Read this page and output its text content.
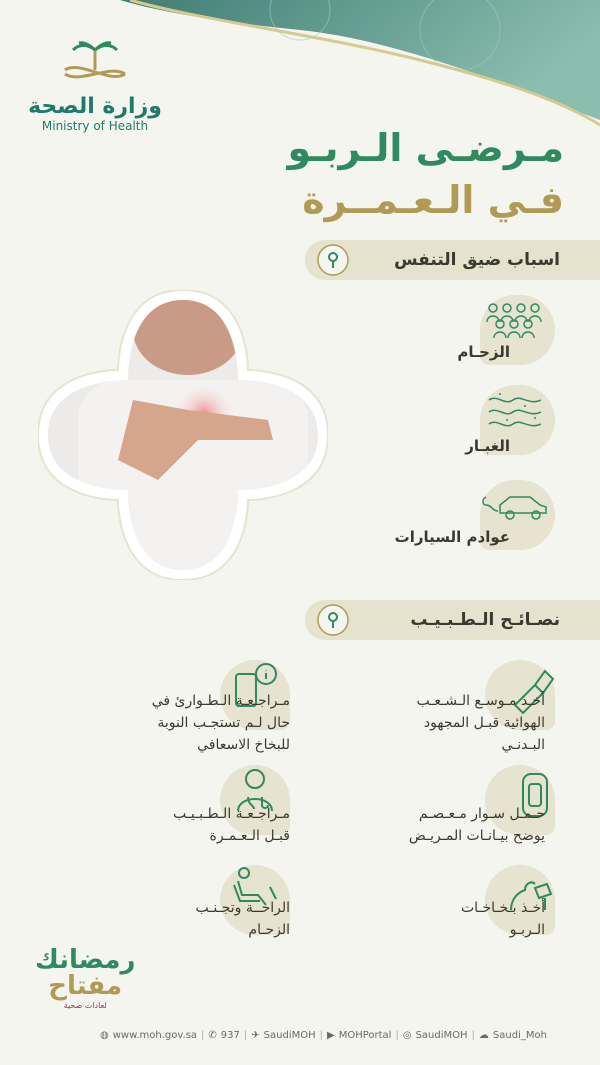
وزارة الصحة
Ministry of Health	مـرضـى الـربـو
فـي الـعـمــرة
اسباب ضيق التنفس
الزحـام
الغبـار
عوادم السيارات
نصـائـح الـطـبـيـب
أخـذ مـوسـع الـشـعـب
الهوائية قبـل المجهود
البـدنـي
حـمـل سـوار مـعـصـم
يوضح بيـانـات المـريـض
أخـذ بـخـاخـات
الـربـو
مـراجـعـة الـطـوارئ في
حال لـم تستجـب النوبة
للبخاخ الاسعافي
مـراجـعـة الـطـبـيـب
قبـل الـعـمـرة
الراحــة وتجـنـب
الزحـام
رمضانك
مفتاح
لعادات صحية
◍ www.moh.gov.sa | ✆ 937 | ✈ SaudiMOH | ▶ MOHPortal | ◎ SaudiMOH | ☁ Saudi_Moh
